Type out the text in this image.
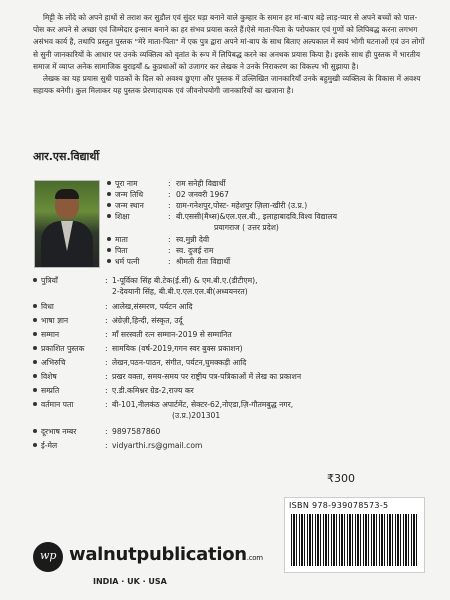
मिट्टी के लोंदे को अपने हाथों से तराश कर सुडौल एवं सुंदर घड़ा बनाने वाले कुम्हार के समान हर मां-बाप बड़े लाड़-प्यार से अपने बच्चों को पाल-पोस कर अपने से अच्छा एवं जिम्मेदार इन्सान बनाने का हर संभव प्रयास करते हैं।ऐसे माता-पिता के परोपकार एवं गुणों को लिपिबद्ध करना लगभग असंभव कार्य है, तथापि प्रस्तुत पुस्तक "मेरे माता-पिता" में एक पुत्र द्वारा अपने मां-बाप के साथ बिताए अल्पकाल में स्वयं भोगी घटनाओं एवं उन लोगों से सुनी जानकारियों के आधार पर उनके व्यक्तित्व को वृतांत के रूप में लिपिबद्ध करने का अनथक प्रयास किया है। इसके साथ ही पुस्तक में भारतीय समाज में व्याप्त अनेक सामाजिक बुराइयाँ & कुप्रथाओं को उजागर कर लेखक ने उनके निराकरण का विकल्प भी सुझाया है।

लेखक का यह प्रयास सुधी पाठकों के दिल को अवश्य छुएगा और पुस्तक में उल्लिखित जानकारियाँ उनके बहुमुखी व्यक्तित्व के विकास में अवश्य सहायक बनेगी। कुल मिलाकर यह पुस्तक प्रेरणादायक एवं जीवनोपयोगी जानकारियों का खजाना है।

आर.एस.विद्यार्थी
पूरा नाम	: राम सनेही विद्यार्थी
जन्म तिथि	: 02 जनवरी 1967
जन्म स्थान	: ग्राम-गनेशपुर,पोस्ट- महेशपुर ज़िला-खीरी (उ.प्र.)
शिक्षा	: बी.एससी(मैथ्स)&एल.एल.बी., इलाहाबादवि.विश्व विद्यालय
प्रयागराज ( उत्तर प्रदेश)
माता	: स्व.मुन्नी देवी
पिता	: स्व. दुजई राम
धर्म पत्नी	: श्रीमती रीता विद्यार्थी
पुत्रियाँ	: 1-पूर्विका सिंह बी.टेक(ई.सी) & एम.बी.ए.(डीटीएम),
2-देवयानी सिंह, बी.बी.ए.एल.एल.बी(अध्ययनरत)
विधा	: आलेख,संस्मरण, पर्यटन आदि
भाषा ज्ञान	: अंग्रेज़ी,हिन्दी, संस्कृत, उर्दू
सम्मान	: माँ सरस्वती रत्न सम्मान-2019 से सम्मानित
प्रकाशित पुस्तक	: सामयिक (वर्ष-2019,गगन स्वर बुक्स प्रकाशन)
अभिरुचि	: लेखन,पठन-पाठन, संगीत, पर्यटन,घुमक्कड़ी आदि
विशेष	: प्रखर वक्ता, समय-समय पर राष्ट्रीय पत्र-पत्रिकाओं में लेख का प्रकाशन
सम्प्रति	: ए.डी.कमिश्नर ग्रेड-2,राज्य कर
वर्तमान पता	: बी-101,नीलकंठ अपार्टमेंट, सेक्टर-62,नोएडा,ज़ि-गौतमबुद्ध नगर,
(उ.प्र.)201301
दूरभाष नम्बर	: 9897587860
ई-मेल	: vidyarthi.rs@gmail.com
₹300
ISBN 978-939078573-5
wp walnutpublication.com
INDIA · UK · USA
